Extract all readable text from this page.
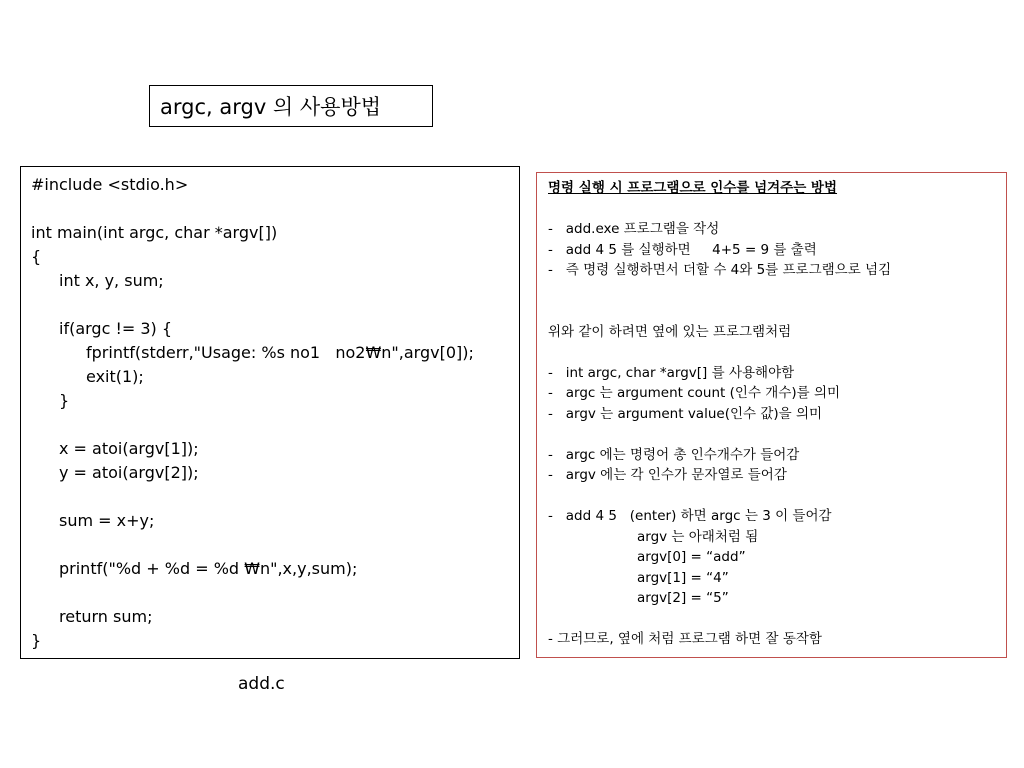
argc, argv 의 사용방법
#include <stdio.h>
int main(int argc, char *argv[])
{
int x, y, sum;
if(argc != 3) {
fprintf(stderr,"Usage: %s no1   no2₩n",argv[0]);
exit(1);
}
x = atoi(argv[1]);
y = atoi(argv[2]);
sum = x+y;
printf("%d + %d = %d ₩n",x,y,sum);
return sum;
}
add.c
명령 실행 시 프로그램으로 인수를 넘겨주는 방법
-   add.exe 프로그램을 작성
-   add 4 5 를 실행하면     4+5 = 9 를 출력
-   즉 명령 실행하면서 더할 수 4와 5를 프로그램으로 넘김
위와 같이 하려면 옆에 있는 프로그램처럼
-   int argc, char *argv[] 를 사용해야함
-   argc 는 argument count (인수 개수)를 의미
-   argv 는 argument value(인수 값)을 의미
-   argc 에는 명령어 총 인수개수가 들어감
-   argv 에는 각 인수가 문자열로 들어감
-   add 4 5   (enter) 하면 argc 는 3 이 들어감
argv 는 아래처럼 됨
argv[0] = “add”
argv[1] = “4”
argv[2] = “5”
- 그러므로, 옆에 처럼 프로그램 하면 잘 동작함
